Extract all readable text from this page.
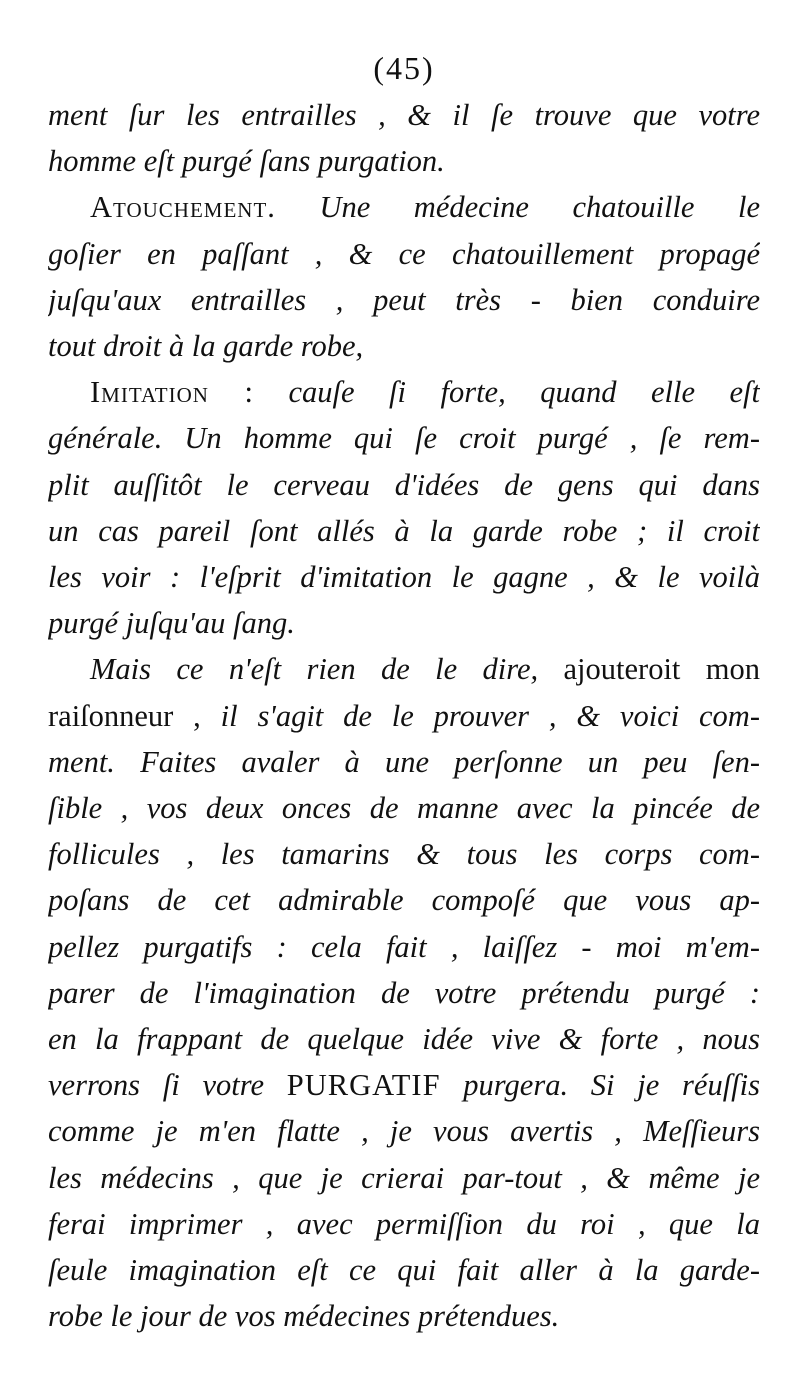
(45)
ment ſur les entrailles , & il ſe trouve que votre
homme eſt purgé ſans purgation.
Atouchement. Une médecine chatouille le
goſier en paſſant , & ce chatouillement propagé
juſqu'aux entrailles , peut très - bien conduire
tout droit à la garde robe,
Imitation : cauſe ſi forte, quand elle eſt
générale. Un homme qui ſe croit purgé , ſe rem-
plit auſſitôt le cerveau d'idées de gens qui dans
un cas pareil ſont allés à la garde robe ; il croit
les voir : l'eſprit d'imitation le gagne , & le voilà
purgé juſqu'au ſang.
Mais ce n'eſt rien de le dire, ajouteroit mon
raiſonneur , il s'agit de le prouver , & voici com-
ment. Faites avaler à une perſonne un peu ſen-
ſible , vos deux onces de manne avec la pincée de
follicules , les tamarins & tous les corps com-
poſans de cet admirable compoſé que vous ap-
pellez purgatifs : cela fait , laiſſez - moi m'em-
parer de l'imagination de votre prétendu purgé :
en la frappant de quelque idée vive & forte , nous
verrons ſi votre PURGATIF purgera. Si je réuſſis
comme je m'en flatte , je vous avertis , Meſſieurs
les médecins , que je crierai par-tout , & même je
ferai imprimer , avec permiſſion du roi , que la
ſeule imagination eſt ce qui fait aller à la garde-
robe le jour de vos médecines prétendues.
